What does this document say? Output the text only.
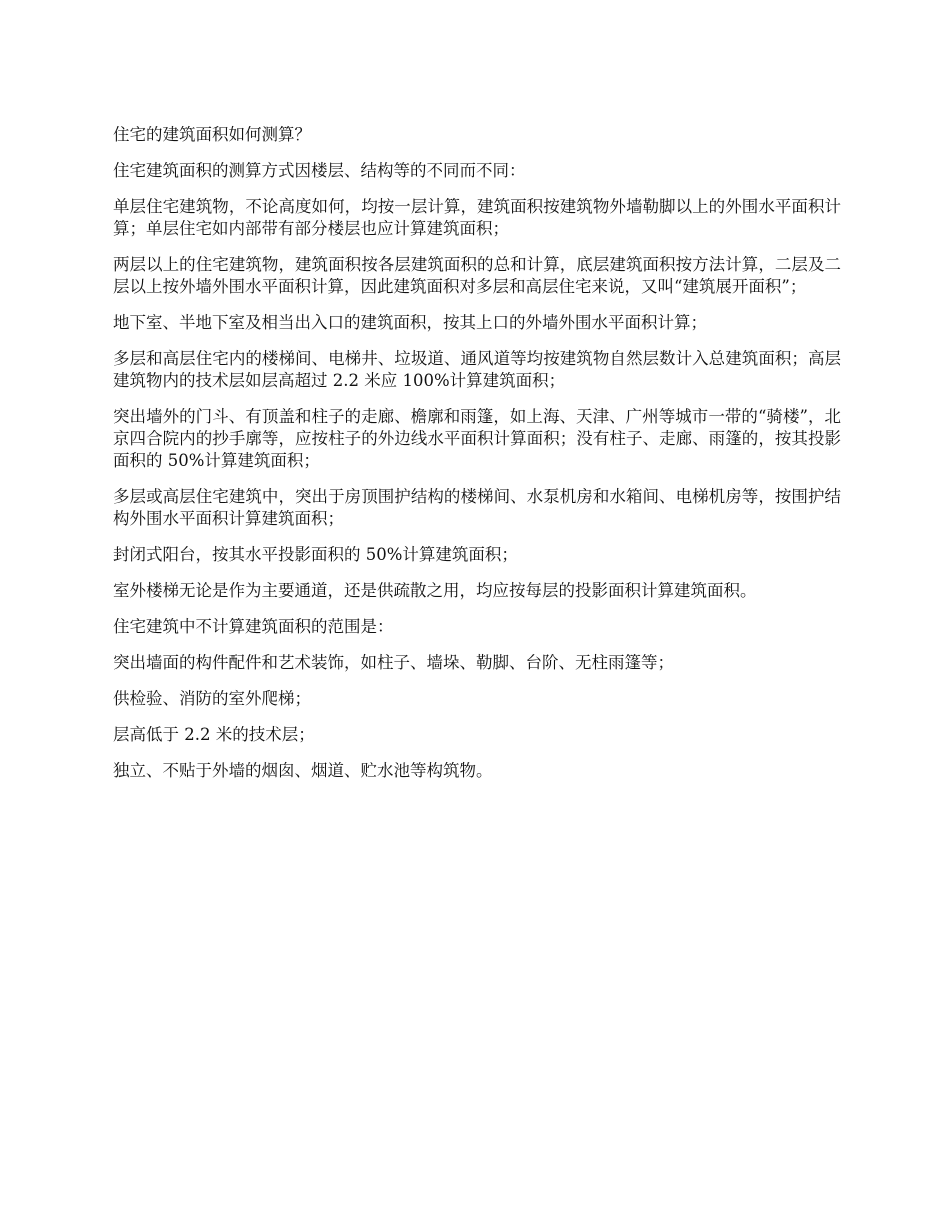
住宅的建筑面积如何测算？

住宅建筑面积的测算方式因楼层、结构等的不同而不同：

单层住宅建筑物，不论高度如何，均按一层计算，建筑面积按建筑物外墙勒脚以上的外围水平面积计算；单层住宅如内部带有部分楼层也应计算建筑面积；

两层以上的住宅建筑物，建筑面积按各层建筑面积的总和计算，底层建筑面积按方法计算，二层及二层以上按外墙外围水平面积计算，因此建筑面积对多层和高层住宅来说，又叫“建筑展开面积”；

地下室、半地下室及相当出入口的建筑面积，按其上口的外墙外围水平面积计算；

多层和高层住宅内的楼梯间、电梯井、垃圾道、通风道等均按建筑物自然层数计入总建筑面积；高层建筑物内的技术层如层高超过 2.2 米应 100%计算建筑面积；

突出墙外的门斗、有顶盖和柱子的走廊、檐廓和雨篷，如上海、天津、广州等城市一带的“骑楼”，北京四合院内的抄手廓等，应按柱子的外边线水平面积计算面积；没有柱子、走廊、雨篷的，按其投影面积的 50%计算建筑面积；

多层或高层住宅建筑中，突出于房顶围护结构的楼梯间、水泵机房和水箱间、电梯机房等，按围护结构外围水平面积计算建筑面积；

封闭式阳台，按其水平投影面积的 50%计算建筑面积；

室外楼梯无论是作为主要通道，还是供疏散之用，均应按每层的投影面积计算建筑面积。

住宅建筑中不计算建筑面积的范围是：

突出墙面的构件配件和艺术装饰，如柱子、墙垛、勒脚、台阶、无柱雨篷等；

供检验、消防的室外爬梯；

层高低于 2.2 米的技术层；

独立、不贴于外墙的烟囱、烟道、贮水池等构筑物。
